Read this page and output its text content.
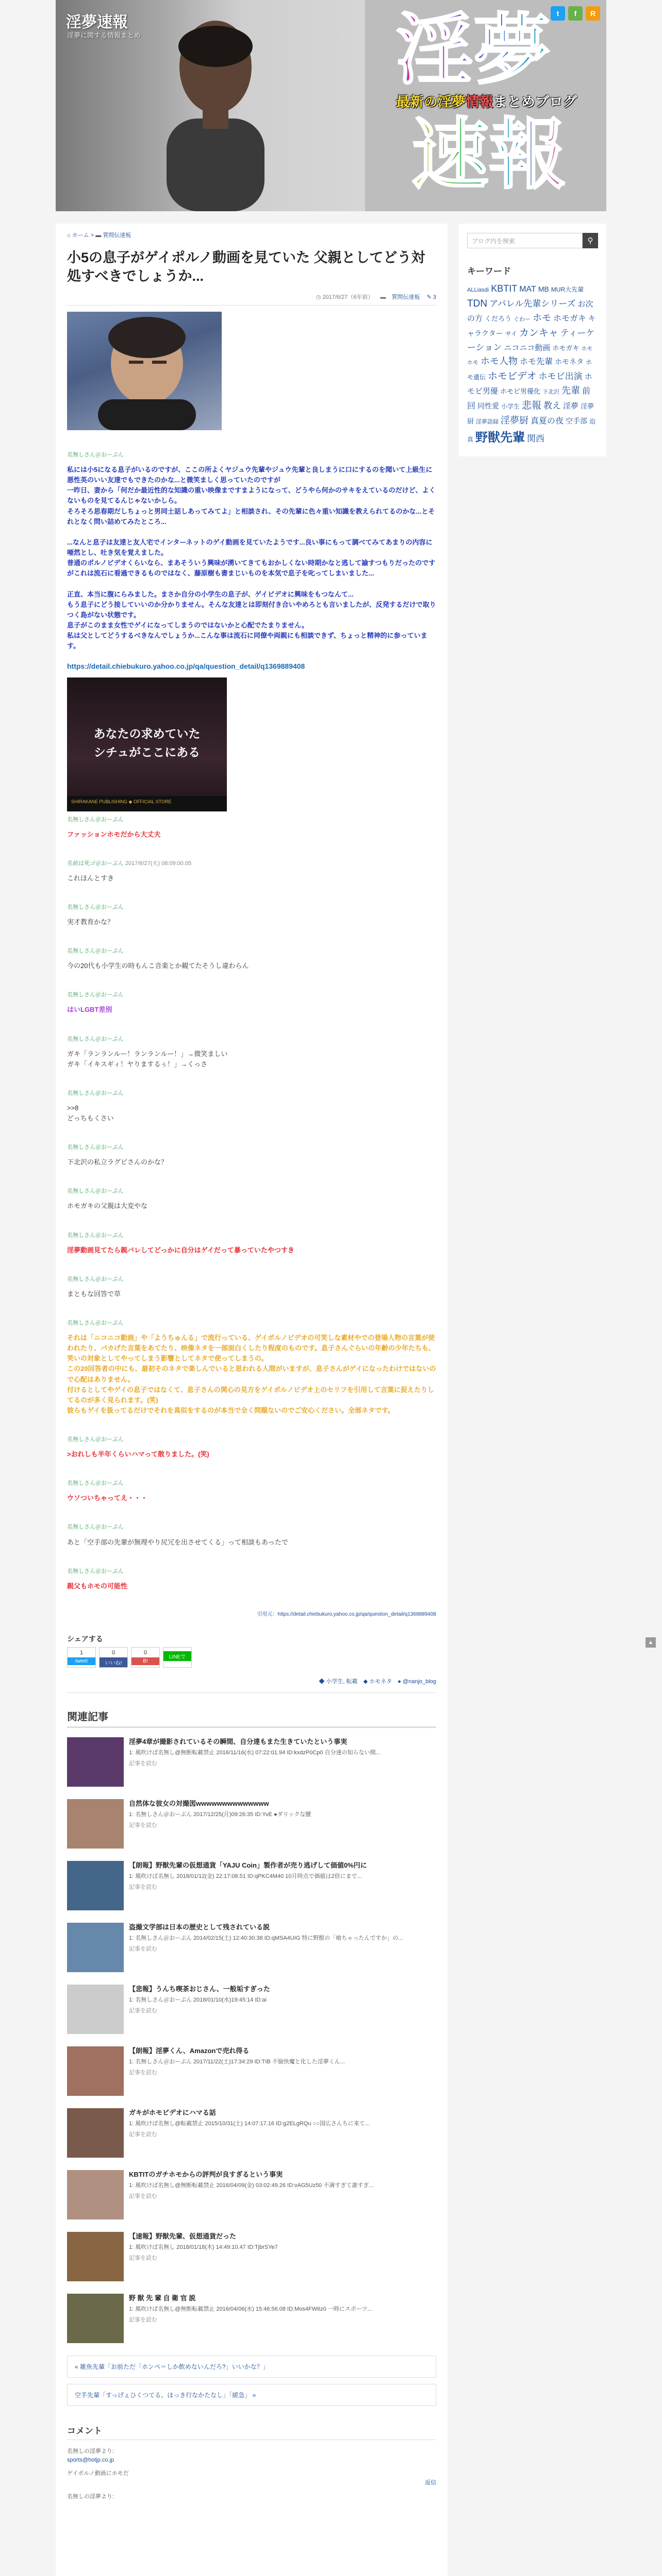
淫夢速報
淫夢に関する情報まとめ	淫夢
最新の淫夢情報まとめブログ
速報
t	f	R
⌂ ホーム > ▬ 質問伝達板
小5の息子がゲイポルノ動画を見ていた 父親としてどう対処すべきでしょうか...
◷ 2017/6/27（6年前） ▬ 質問伝達板 ✎ 3
名無しさん＠おーぷん
私には小5になる息子がいるのですが、ここの所よくヤジュウ先輩やジュウ先輩と良しまうに口にするのを聞いて上級生に悪性英のいい友達でもできたのかな...と微笑ましく思っていたのですが
一昨日、妻から「何だか最近性的な知識の重い映像まですまようになって、どうやら何かのサキをえているのだけど、よくないものを見てるんじゃないかしら。
そろそろ思春期だしちょっと男同士話しあってみてよ」と相談され、その先輩に色々重い知識を教えられてるのかな...とそれとなく問い詰めてみたところ...

...なんと息子は友達と友人宅でインターネットのゲイ動画を見ていたようです...良い事にもって調べてみてあまりの内容に唖然とし、吐き気を覚えました。
普通のポルノビデオくらいなら、まあそういう興味が湧いてきてもおかしくない時期かなと逃して諭すつもりだったのですがこれは流石に看過できるものではなく、藤原樹も書まじいものを本気で息子を叱ってしまいました...

正直、本当に腹にらみました。まさか自分の小学生の息子が、ゲイビデオに興味をもつなんて...
もう息子にどう接していいのか分かりません。そんな友達とは即刻付き合いやめろとも言いましたが、反発するだけで取りつく島がない状態です。
息子がこのまま女性でゲイになってしまうのではないかと心配でたまりません。
私は父としてどうするべきなんでしょうか...こんな事は流石に同僚や両親にも相談できず、ちょっと精神的に参っています。
https://detail.chiebukuro.yahoo.co.jp/qa/question_detail/q1369889408
あなたの求めていた
シチュがここにある
SHIRAKANE PUBLISHING ◆ OFFICIAL STORE
名無しさん＠おーぷん
ファッションホモだから大丈夫
名前は死ゴ＠おーぷん 2017/6/27(火) 08:09:00.05
これほんとすき
名無しさん＠おーぷん
実才教育かな？
名無しさん＠おーぷん
今の20代も小学生の時もんこ音楽とか観てたそうし違わらん
名無しさん＠おーぷん
はいLGBT差別
名無しさん＠おーぷん
ガキ「ランランルー！ランランルー！」→微笑ましい
ガキ「イキスギィ！ヤりまするぅ！」→くっさ
名無しさん＠おーぷん
>>8
どっちもくさい
名無しさん＠おーぷん
下北沢の私立ラグビさんのかな？
名無しさん＠おーぷん
ホモガキの父親は大変やな
名無しさん＠おーぷん
淫夢動画見てたら親バレしてどっかに自分はゲイだって暴っていたやつすき
名無しさん＠おーぷん
まともな回答で草
名無しさん＠おーぷん
それは「ニコニコ動画」や「ようちゅんる」で流行っている、ゲイポルノビデオの可笑しな素材やでの登場人物の言葉が使われたり、バカげた言葉をあてたり、映像ネタを一部面白くしたり程度のものです。息子さんぐらいの年齢の少年たちも、笑いの対象としてやってしまう影響としてネタで使ってしまうの。
この20回答者の中にも、最初そのネタで楽しんでいると思われる人間がいますが、息子さんがゲイになったわけではないので心配はありません。
付けるとしてやゲイの息子ではなくて、息子さんの関心の見方をゲイポルノビデオ上のセリフを引用して言葉に捉えたりしてるのが多く見られます。(笑)
彼らもゲイを扱ってるだけでそれを真似をするのが本当で全く問題ないのでご安心ください。全部ネタです。
名無しさん＠おーぷん
>おれしも半年くらいハマって散りました。(笑)
名無しさん＠おーぷん
ウソついちゃってえ・・・
名無しさん＠おーぷん
あと「空手部の先輩が無理やり尻冗を出させてくる」って相談もあったで
名無しさん＠おーぷん
親父もホモの可能性
引用元：https://detail.chiebukuro.yahoo.co.jp/qa/question_detail/q1369889408
シェアする
1
tweet
0
いいね!
0
B!
LINEで
◆ 小学生, 転載 ◆ ホモネタ ● @nanjo_blog
関連記事
淫夢4章が撮影されているその瞬間、自分達もまた生きていたという事実
1: 風吹けば名無し@無断転載禁止 2016/11/16(水) 07:22:01.94 ID:kxdzP0Cp0 自分達の知らない間...
記事を読む
自然体な彼女の対撮図wwwwwwwwwwwwww
1: 名無しさん＠おーぷん 2017/12/25(月)09:26:35 ID:YvE ●ダリックな腰
記事を読む
【朗報】野獣先輩の仮想通貨「YAJU Coin」製作者が売り逃げして価値0%円に
1: 風吹けば名無し 2018/01/12(金) 22:17:08.51 ID:qPKC4M40 10月時点で価値は2倍にまで...
記事を読む
盗撮文学部は日本の歴史として残されている説
1: 名無しさん＠おーぷん 2014/02/15(土) 12:40:30.38 ID:qMSA4UIG 特に野獣の「喰ちゃったんですか」の...
記事を読む
【悲報】うんち喫茶おじさん、一般垢すぎった
1: 名無しさん＠おーぷん 2018/01/10(水)19:45:14 ID:ai
記事を読む
【朗報】淫夢くん、Amazonで売れ得る
1: 名無しさん＠おーぷん 2017/11/22(土)17:34:29 ID:TIB 不愉快魔と化した淫夢くん...
記事を読む
ガキがホモビデオにハマる話
1: 風吹けば名無し@転載禁止 2015/10/31(土) 14:07:17.16 ID:g2ELgRQu ○○国広さんちに来て...
記事を読む
KBTITのガチホモからの評判が良すぎるという事実
1: 風吹けば名無し@無断転載禁止 2016/04/09(金) 03:02:49.26 ID:vAG5Uz50 不満すぎて誰すぎ...
記事を読む
【速報】野獣先輩、仮想通貨だった
1: 風吹けば名無し 2018/01/18(木) 14:49:10.47 ID:TjbrSYe7
記事を読む
野 獣 先 輩 自 衛 官 説
1: 風吹けば名無し@無断転載禁止 2016/04/06(水) 15:46:56.08 ID:Mos4FW6z0 一時にスポーツ...
記事を読む
« 雑魚先輩「お前ただ「ホンペ＝しか飲めないんだろ?」いいかな？」
空手先輩「すっげぇひくつてる、ほっき行なかたなし」「緩急」 »
コメント
名無しの淫夢より:
sports@hotjp.co.jp
ゲイポルノ動画にホモだ
返信
名無しの淫夢より:
ブログ内を検索	⚲
キーワード
ALLiasdi KBTIT MAT MB MUR大先輩TDN アパレル先輩シリーズ お次の方 くだろう ぐわー ホモ ホモガキ キャラクター サイ カンキャ ティーケーション ニコニコ動画 ホモガキ ホモホモ ホモ人物 ホモ先輩 ホモネタ ホモ遺伝 ホモビデオ ホモビ出演 ホモビ男優 ホモビ男優化 下北沢 先輩 前回 同性愛 小学生 悲報 教え 淫夢 淫夢厨 淫夢語録 淫夢厨 真夏の夜 空手部 迫真 野獣先輩 関西
▲
